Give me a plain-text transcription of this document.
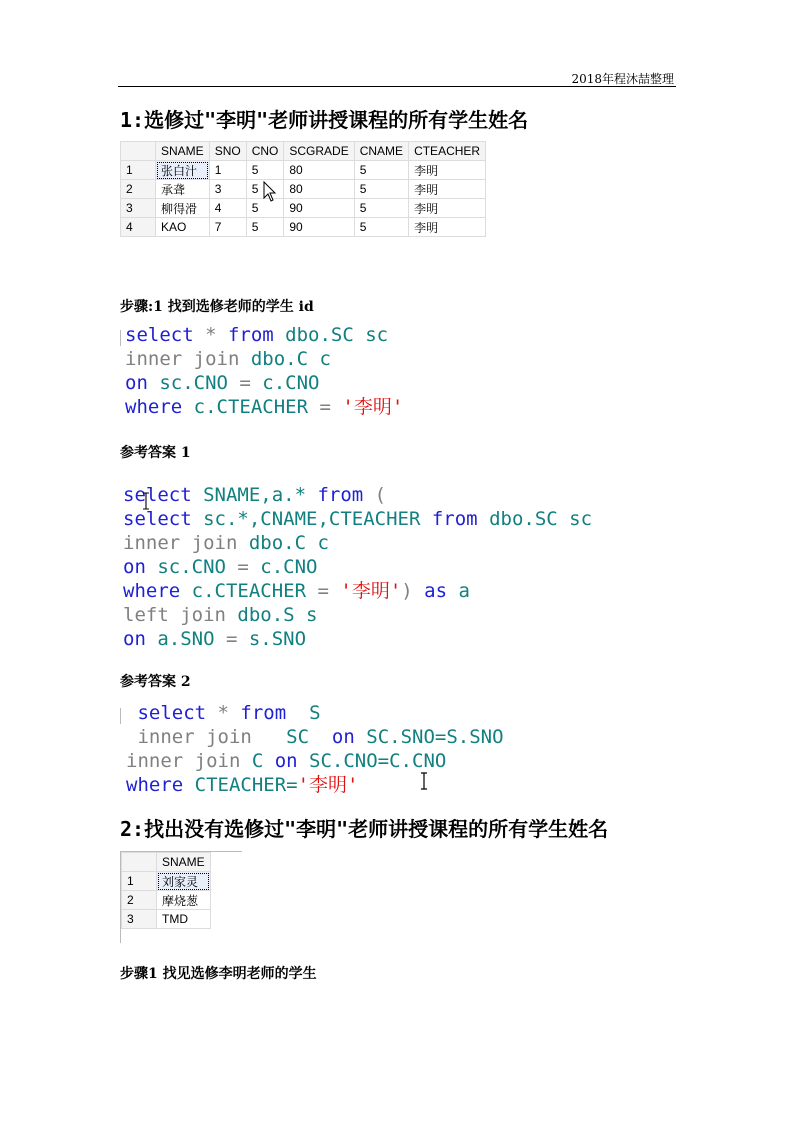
2018年程沐喆整理
1:选修过"李明"老师讲授课程的所有学生姓名
	SNAME	SNO	CNO	SCGRADE	CNAME	CTEACHER
1	张白汁	1	5	80	5	李明
2	承聋	3	5	80	5	李明
3	柳得滑	4	5	90	5	李明
4	KAO	7	5	90	5	李明
步骤:1 找到选修老师的学生 id
select * from dbo.SC sc
inner join dbo.C c
on sc.CNO = c.CNO
where c.CTEACHER = '李明'
参考答案 1
select SNAME,a.* from (
select sc.*,CNAME,CTEACHER from dbo.SC sc
inner join dbo.C c
on sc.CNO = c.CNO
where c.CTEACHER = '李明') as a
left join dbo.S s
on a.SNO = s.SNO
参考答案 2
select * from  S
inner join   SC  on SC.SNO=S.SNO
inner join C on SC.CNO=C.CNO
where CTEACHER='李明'
2:找出没有选修过"李明"老师讲授课程的所有学生姓名
	SNAME
1	刘家灵
2	摩烧葱
3	TMD
步骤1 找见选修李明老师的学生
